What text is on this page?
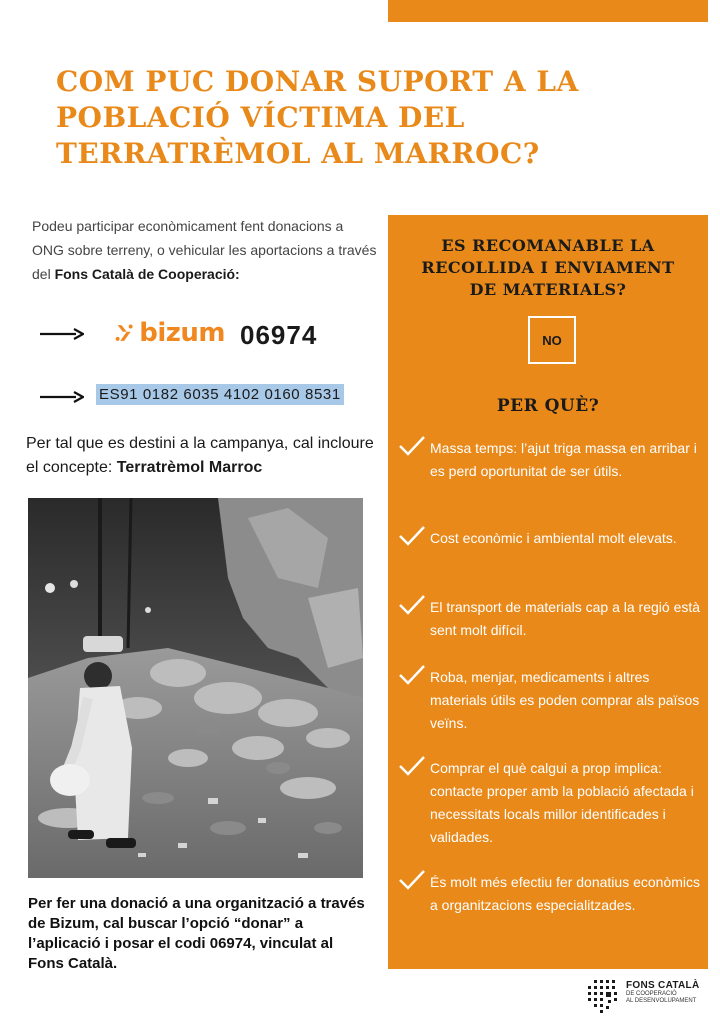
COM PUC DONAR SUPORT A LA
POBLACIÓ VÍCTIMA DEL
TERRATRÈMOL AL MARROC?

Podeu participar econòmicament fent donacions a ONG sobre terreny, o vehicular les aportacions a través del Fons Català de Cooperació:

bizum 06974
ES91 0182 6035 4102 0160 8531

Per tal que es destini a la campanya, cal incloure el concepte: Terratrèmol Marroc

Per fer una donació a una organització a través de Bizum, cal buscar l’opció “donar” a l’aplicació i posar el codi 06974, vinculat al Fons Català.

ES RECOMANABLE LA
RECOLLIDA I ENVIAMENT
DE MATERIALS?
NO
PER QUÈ?
Massa temps: l’ajut triga massa en arribar i es perd oportunitat de ser útils.
Cost econòmic i ambiental molt elevats.
El transport de materials cap a la regió està sent molt difícil.
Roba, menjar, medicaments i altres materials útils es poden comprar als països veïns.
Comprar el què calgui a prop implica: contacte proper amb la població afectada i necessitats locals millor identificades i validades.
És molt més efectiu fer donatius econòmics a organitzacions especialitzades.
FONS CATALÀ
DE COOPERACIÓ
AL DESENVOLUPAMENT
